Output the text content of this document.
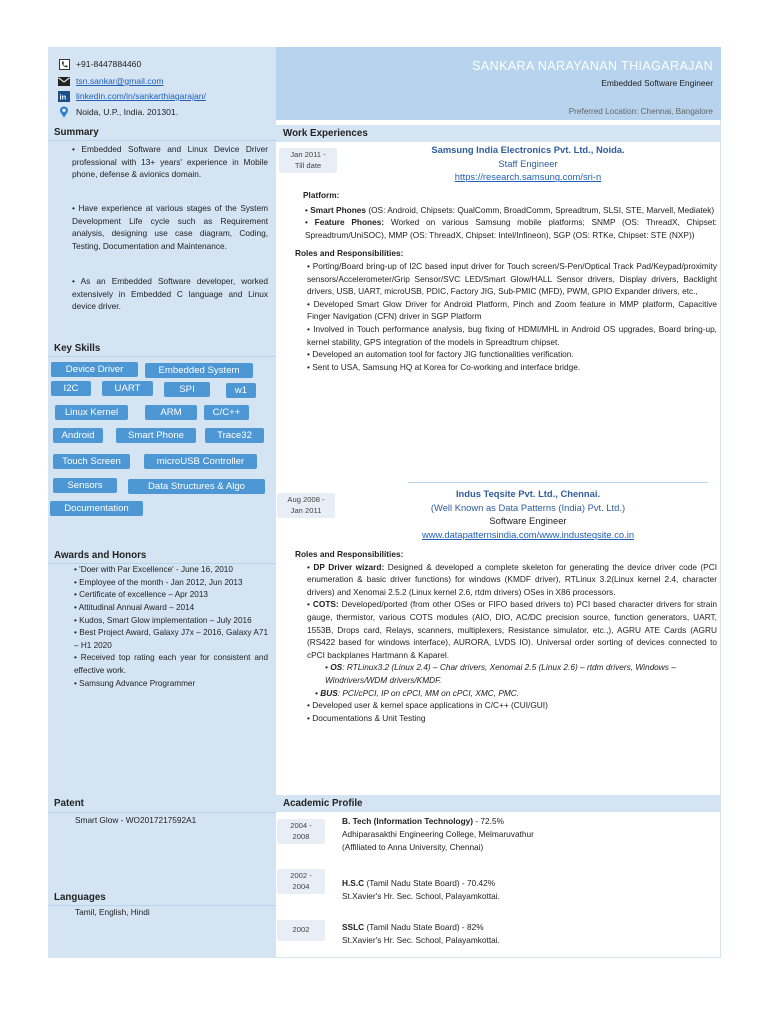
+91-8447884460
tsn.sankar@gmail.com
in linkedin.com/in/sankarthiagarajan/
Noida, U.P., India. 201301.
SANKARA NARAYANAN THIAGARAJAN
Embedded Software Engineer
Preferred Location: Chennai, Bangalore
Summary
• Embedded Software and Linux Device Driver professional with 13+ years' experience in Mobile phone, defense & avionics domain.
• Have experience at various stages of the System Development Life cycle such as Requirement analysis, designing use case diagram, Coding, Testing, Documentation and Maintenance.
• As an Embedded Software developer, worked extensively in Embedded C language and Linux device driver.
Key Skills
Device Driver	Embedded System
I2C	UART	SPI	w1
Linux Kernel	ARM	C/C++
Android	Smart Phone	Trace32
Touch Screen	microUSB Controller
Sensors	Data Structures & Algo
Documentation
Awards and Honors
• 'Doer with Par Excellence' - June 16, 2010
• Employee of the month - Jan 2012, Jun 2013
• Certificate of excellence – Apr 2013
• Attitudinal Annual Award – 2014
• Kudos, Smart Glow implementation – July 2016
• Best Project Award, Galaxy J7x – 2016, Galaxy A71 – H1 2020
• Received top rating each year for consistent and effective work.
• Samsung Advance Programmer
Patent
Smart Glow - WO2017217592A1
Languages
Tamil, English, Hindi
Work Experiences
Jan 2011 -
Till date
Samsung India Electronics Pvt. Ltd., Noida.
Staff Engineer
https://research.samsung.com/sri-n
Platform:
• Smart Phones (OS: Android, Chipsets: QualComm, BroadComm, Spreadtrum, SLSI, STE, Marvell, Mediatek)
• Feature Phones: Worked on various Samsung mobile platforms; SNMP (OS: ThreadX, Chipset: Spreadtrum/UniSOC), MMP (OS: ThreadX, Chipset: Intel/Infineon), SGP (OS: RTKe, Chipset: STE (NXP))
Roles and Responsibilities:
• Porting/Board bring-up of I2C based input driver for Touch screen/S-Pen/Optical Track Pad/Keypad/proximity sensors/Accelerometer/Grip Sensor/SVC LED/Smart Glow/HALL Sensor drivers, Display drivers, Backlight drivers, USB, UART, microUSB, PDIC, Factory JIG, Sub-PMIC (MFD), PWM, GPIO Expander drivers, etc.,
• Developed Smart Glow Driver for Android Platform, Pinch and Zoom feature in MMP platform, Capacitive Finger Navigation (CFN) driver in SGP Platform
• Involved in Touch performance analysis, bug fixing of HDMI/MHL in Android OS upgrades, Board bring-up, kernel stability, GPS integration of the models in Spreadtrum chipset.
• Developed an automation tool for factory JIG functionalities verification.
• Sent to USA, Samsung HQ at Korea for Co-working and interface bridge.
Aug 2008 -
Jan 2011
Indus Teqsite Pvt. Ltd., Chennai.
(Well Known as Data Patterns (India) Pvt. Ltd.)
Software Engineer
www.datapatternsindia.com/www.industeqsite.co.in
Roles and Responsibilities:
• DP Driver wizard: Designed & developed a complete skeleton for generating the device driver code (PCI enumeration & basic driver functions) for windows (KMDF driver), RTLinux 3.2(Linux kernel 2.4, character drivers) and Xenomai 2.5.2 (Linux kernel 2.6, rtdm drivers) OSes in X86 processors.
• COTS: Developed/ported (from other OSes or FIFO based drivers to) PCI based character drivers for strain gauge, thermistor, various COTS modules (AIO, DIO, AC/DC precision source, function generators, UART, 1553B, Drops card, Relays, scanners, multiplexers, Resistance simulator, etc.,), AGRU ATE Cards (AGRU (RS422 based for windows interface), AURORA, LVDS IO). Universal order sorting of devices connected to cPCI backplanes Hartmann & Kaparel.
• OS: RTLinux3.2 (Linux 2.4) – Char drivers, Xenomai 2.5 (Linux 2.6) – rtdm drivers, Windows – Windrivers/WDM drivers/KMDF.
• BUS: PCI/cPCI, IP on cPCI, MM on cPCI, XMC, PMC.
• Developed user & kernel space applications in C/C++ (CUI/GUI)
• Documentations & Unit Testing
Academic Profile
2004 -
2008
B. Tech (Information Technology) - 72.5%
Adhiparasakthi Engineering College, Melmaruvathur
(Affiliated to Anna University, Chennai)
2002 -
2004	H.S.C (Tamil Nadu State Board) - 70.42%
St.Xavier's Hr. Sec. School, Palayamkottai.
2002	SSLC (Tamil Nadu State Board) - 82%
St.Xavier's Hr. Sec. School, Palayamkottai.
